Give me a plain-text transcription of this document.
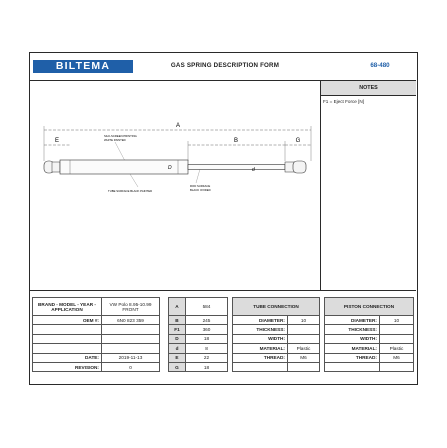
BILTEMA	GAS SPRING DESCRIPTION FORM	68-480
A
E	B	G
SILK-SCREEN PRINTING
WHITE PAINTED
D	d
TUBE SURFACE BLACK PAINTED
ROD SURFACE
BLACK OXIDED
NOTES
F1 = Eject Force [N]
BRAND - MODEL - YEAR - APPLICATION	VW Polo 8.95-10.99 FRONT
OEM #:	6N0 823 359

DATE:	2019-11-13
REVISION:	0
A	584
B	245
F1	360
D	18
d	8
E	22
G	18
TUBE CONNECTION	
DIAMETER:	10
THICKNESS:	
WIDTH:	
MATERIAL:	Plastic
THREAD:	M6

PISTON CONNECTION	
DIAMETER:	10
THICKNESS:	
WIDTH:	
MATERIAL:	Plastic
THREAD:	M6
